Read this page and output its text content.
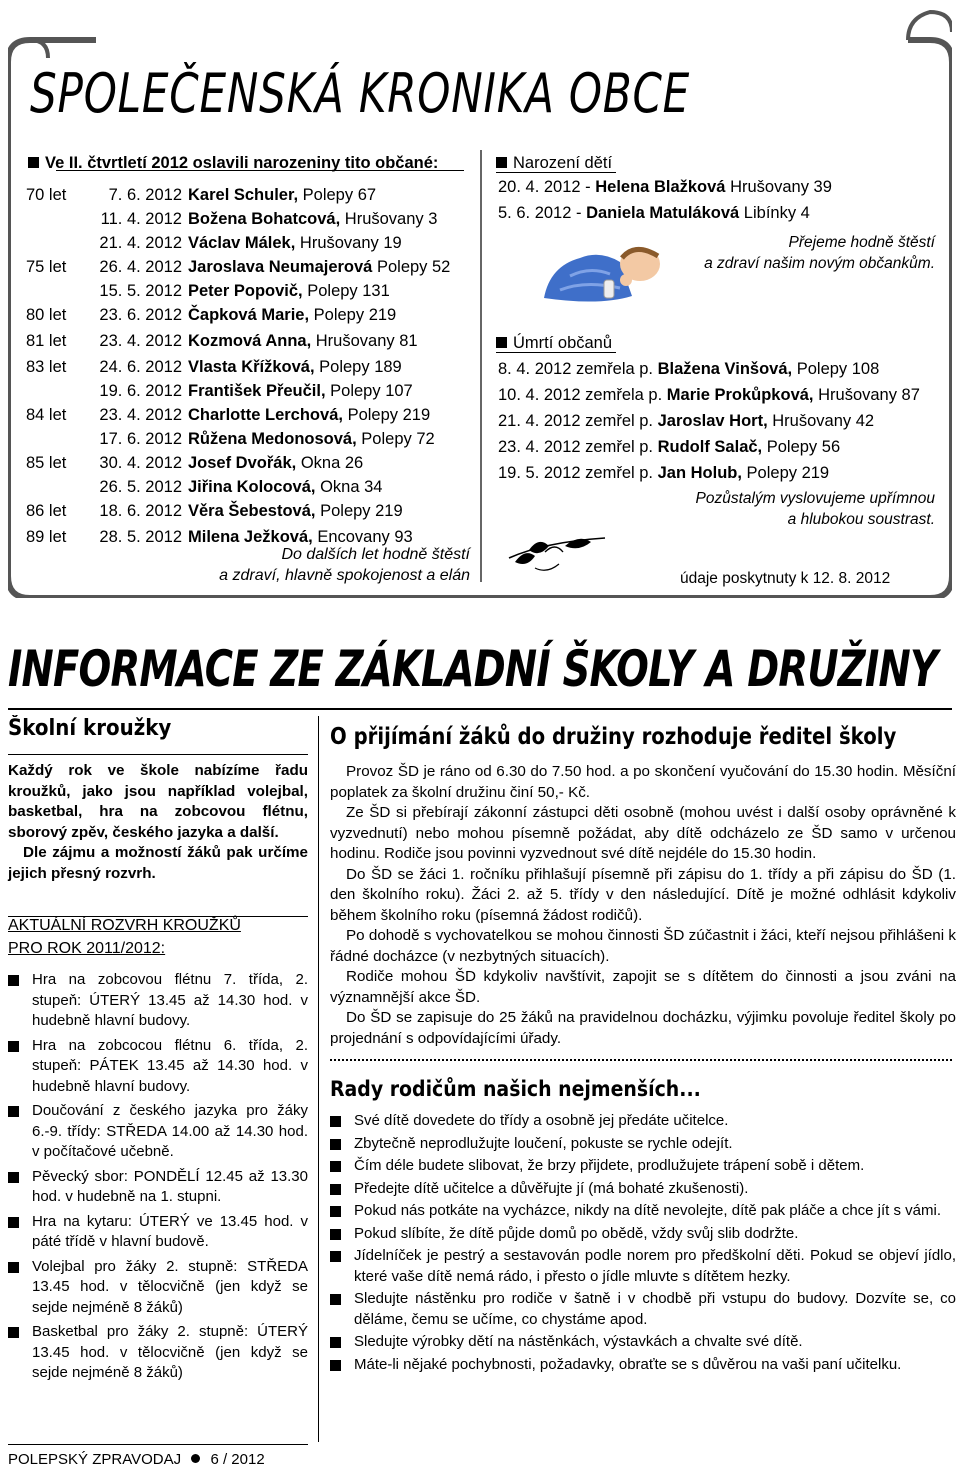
SPOLEČENSKÁ KRONIKA OBCE
Ve II. čtvrtletí 2012 oslavili narozeniny tito občané:
70 let	7. 6. 2012 Karel Schuler, Polepy 67
11. 4. 2012 Božena Bohatcová, Hrušovany 3
21. 4. 2012 Václav Málek, Hrušovany 19
75 let 26. 4. 2012 Jaroslava Neumajerová Polepy 52
15. 5. 2012 Peter Popovič, Polepy 131
80 let 23. 6. 2012 Čapková Marie, Polepy 219
81 let 23. 4. 2012 Kozmová Anna, Hrušovany 81
83 let 24. 6. 2012 Vlasta Křížková, Polepy 189
19. 6. 2012 František Přeučil, Polepy 107
84 let 23. 4. 2012 Charlotte Lerchová, Polepy 219
17. 6. 2012 Růžena Medonosová, Polepy 72
85 let 30. 4. 2012 Josef Dvořák, Okna 26
26. 5. 2012 Jiřina Kolocová, Okna 34
86 let 18. 6. 2012 Věra Šebestová, Polepy 219
89 let 28. 5. 2012 Milena Ježková, Encovany 93
Do dalších let hodně štěstí
a zdraví, hlavně spokojenost a elán
Narození dětí
20. 4. 2012 - Helena Blažková Hrušovany 39
5. 6. 2012 - Daniela Matuláková Libínky 4
Přejeme hodně štěstí
a zdraví našim novým občankům.
Úmrtí občanů
8. 4. 2012 zemřela p. Blažena Vinšová, Polepy 108
10. 4. 2012 zemřela p. Marie Prokůpková, Hrušovany 87
21. 4. 2012 zemřel p. Jaroslav Hort, Hrušovany 42
23. 4. 2012 zemřel p. Rudolf Salač, Polepy 56
19. 5. 2012 zemřel p. Jan Holub, Polepy 219
Pozůstalým vyslovujeme upřímnou
a hlubokou soustrast.
údaje poskytnuty k 12. 8. 2012
INFORMACE ZE ZÁKLADNÍ ŠKOLY A DRUŽINY
Školní kroužky

Každý rok ve škole nabízíme řadu kroužků, jako jsou například volejbal, basketbal, hra na zobcovou flétnu, sborový zpěv, českého jazyka a další.

Dle zájmu a možností žáků pak určíme jejich přesný rozvrh.

AKTUÁLNÍ ROZVRH KROUŽKŮ
PRO ROK 2011/2012:
Hra na zobcovou flétnu 7. třída, 2. stupeň: ÚTERÝ 13.45 až 14.30 hod. v hudebně hlavní budovy.
Hra na zobcocou flétnu 6. třída, 2. stupeň: PÁTEK 13.45 až 14.30 hod. v hudebně hlavní budovy.
Doučování z českého jazyka pro žáky 6.-9. třídy: STŘEDA 14.00 až 14.30 hod. v počítačové učebně.
Pěvecký sbor: PONDĚLÍ 12.45 až 13.30 hod. v hudebně na 1. stupni.
Hra na kytaru: ÚTERÝ ve 13.45 hod. v páté třídě v hlavní budově.
Volejbal pro žáky 2. stupně: STŘEDA 13.45 hod. v tělocvičně (jen když se sejde nejméně 8 žáků)
Basketbal pro žáky 2. stupně: ÚTERÝ 13.45 hod. v tělocvičně (jen když se sejde nejméně 8 žáků)
O přijímání žáků do družiny rozhoduje ředitel školy
Provoz ŠD je ráno od 6.30 do 7.50 hod. a po skončení vyučování do 15.30 hodin. Měsíční poplatek za školní družinu činí 50,- Kč.
Ze ŠD si přebírají zákonní zástupci děti osobně (mohou uvést i další osoby oprávněné k vyzvednutí) nebo mohou písemně požádat, aby dítě odcházelo ze ŠD samo v určenou hodinu. Rodiče jsou povinni vyzvednout své dítě nejdéle do 15.30 hodin.
Do ŠD se žáci 1. ročníku přihlašují písemně při zápisu do 1. třídy a při zápisu do ŠD (1. den školního roku). Žáci 2. až 5. třídy v den následující. Dítě je možné odhlásit kdykoliv během školního roku (písemná žádost rodičů).
Po dohodě s vychovatelkou se mohou činnosti ŠD zúčastnit i žáci, kteří nejsou přihlášeni k řádné docházce (v nezbytných situacích).
Rodiče mohou ŠD kdykoliv navštívit, zapojit se s dítětem do činnosti a jsou zváni na významnější akce ŠD.
Do ŠD se zapisuje do 25 žáků na pravidelnou docházku, výjimku povoluje ředitel školy po projednání s odpovídajícími úřady.
Rady rodičům našich nejmenších...
Své dítě dovedete do třídy a osobně jej předáte učitelce.
Zbytečně neprodlužujte loučení, pokuste se rychle odejít.
Čím déle budete slibovat, že brzy přijdete, prodlužujete trápení sobě i dětem.
Předejte dítě učitelce a důvěřujte jí (má bohaté zkušenosti).
Pokud nás potkáte na vycházce, nikdy na dítě nevolejte, dítě pak pláče a chce jít s vámi.
Pokud slíbíte, že dítě půjde domů po obědě, vždy svůj slib dodržte.
Jídelníček je pestrý a sestavován podle norem pro předškolní děti. Pokud se objeví jídlo, které vaše dítě nemá rádo, i přesto o jídle mluvte s dítětem hezky.
Sledujte nástěnku pro rodiče v šatně i v chodbě při vstupu do budovy. Dozvíte se, co děláme, čemu se učíme, co chystáme apod.
Sledujte výrobky dětí na nástěnkách, výstavkách a chvalte své dítě.
Máte-li nějaké pochybnosti, požadavky, obraťte se s důvěrou na vaši paní učitelku.
POLEPSKÝ ZPRAVODAJ 6 / 2012
